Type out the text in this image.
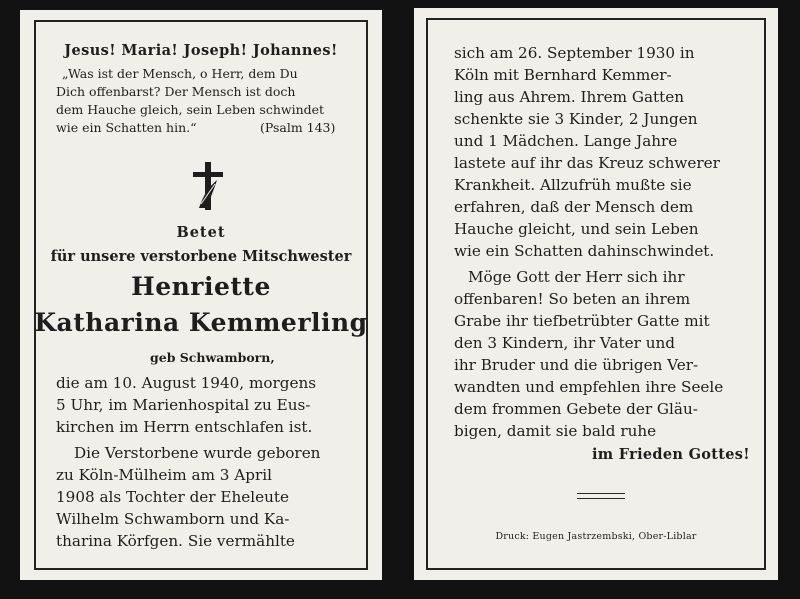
Jesus! Maria! Joseph! Johannes!
„Was ist der Mensch, o Herr, dem Du
Dich offenbarst? Der Mensch ist doch
dem Hauche gleich, sein Leben schwindet
wie ein Schatten hin.“	(Psalm 143)
Betet
für unsere verstorbene Mitschwester
Henriette
Katharina Kemmerling
geb Schwamborn,
die am 10. August 1940, morgens
5 Uhr, im Marienhospital zu Eus-
kirchen im Herrn entschlafen ist.
Die Verstorbene wurde geboren
zu Köln-Mülheim am 3 April
1908 als Tochter der Eheleute
Wilhelm Schwamborn und Ka-
tharina Körfgen. Sie vermählte
sich am 26. September 1930 in
Köln mit Bernhard Kemmer-
ling aus Ahrem. Ihrem Gatten
schenkte sie 3 Kinder, 2 Jungen
und 1 Mädchen. Lange Jahre
lastete auf ihr das Kreuz schwerer
Krankheit. Allzufrüh mußte sie
erfahren, daß der Mensch dem
Hauche gleicht, und sein Leben
wie ein Schatten dahinschwindet.
Möge Gott der Herr sich ihr
offenbaren! So beten an ihrem
Grabe ihr tiefbetrübter Gatte mit
den 3 Kindern, ihr Vater und
ihr Bruder und die übrigen Ver-
wandten und empfehlen ihre Seele
dem frommen Gebete der Gläu-
bigen, damit sie bald ruhe
im Frieden Gottes!
Druck: Eugen Jastrzembski, Ober-Liblar
